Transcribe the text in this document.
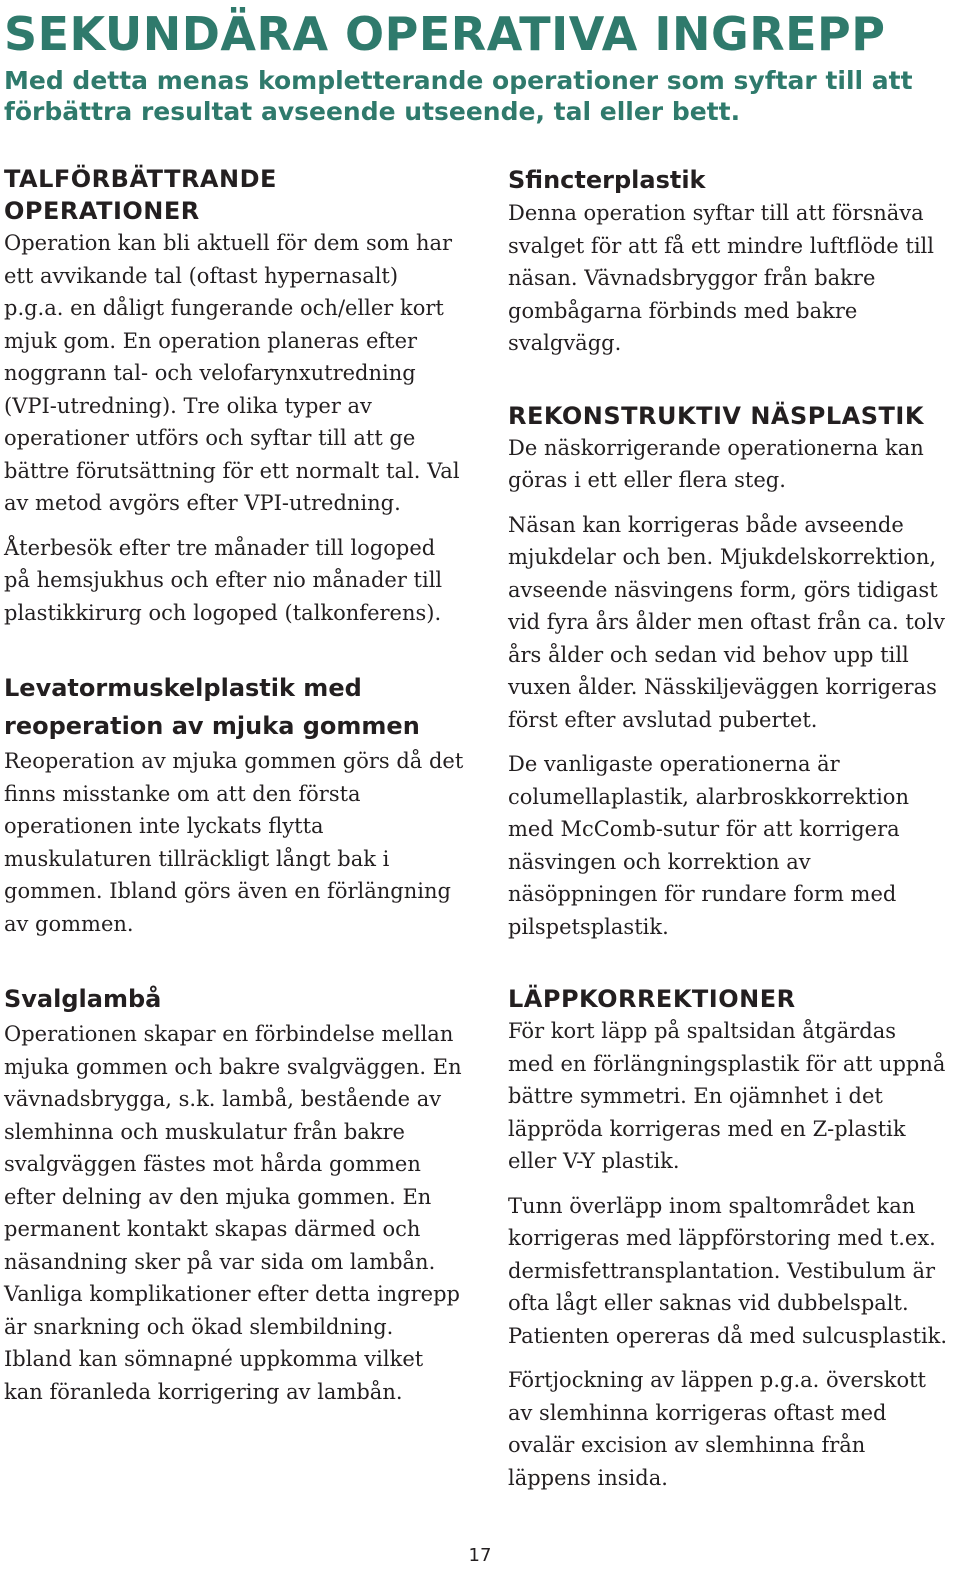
SEKUNDÄRA OPERATIVA INGREPP

Med detta menas kompletterande operationer som syftar till att förbättra resultat avseende utseende, tal eller bett.

TALFÖRBÄTTRANDE OPERATIONER

Operation kan bli aktuell för dem som har ett avvikande tal (oftast hypernasalt) p.g.a. en dåligt fungerande och/eller kort mjuk gom. En operation planeras efter noggrann tal- och velofarynxutredning (VPI-utredning). Tre olika typer av operationer utförs och syftar till att ge bättre förutsättning för ett normalt tal. Val av metod avgörs efter VPI-utredning.

Återbesök efter tre månader till logoped på hemsjukhus och efter nio månader till plastikkirurg och logoped (talkonferens).

Levatormuskelplastik med reoperation av mjuka gommen

Reoperation av mjuka gommen görs då det finns misstanke om att den första operationen inte lyckats flytta muskulaturen tillräckligt långt bak i gommen. Ibland görs även en förlängning av gommen.

Svalglambå

Operationen skapar en förbindelse mellan mjuka gommen och bakre svalgväggen. En vävnadsbrygga, s.k. lambå, bestående av slemhinna och muskulatur från bakre svalgväggen fästes mot hårda gommen efter delning av den mjuka gommen. En permanent kontakt skapas därmed och näsandning sker på var sida om lambån. Vanliga komplikationer efter detta ingrepp är snarkning och ökad slembildning. Ibland kan sömnapné uppkomma vilket kan föranleda korrigering av lambån.

Sfincterplastik

Denna operation syftar till att försnäva svalget för att få ett mindre luftflöde till näsan. Vävnadsbryggor från bakre gombågarna förbinds med bakre svalgvägg.

REKONSTRUKTIV NÄSPLASTIK

De näskorrigerande operationerna kan göras i ett eller flera steg.

Näsan kan korrigeras både avseende mjukdelar och ben. Mjukdelskorrektion, avseende näsvingens form, görs tidigast vid fyra års ålder men oftast från ca. tolv års ålder och sedan vid behov upp till vuxen ålder. Nässkiljeväggen korrigeras först efter avslutad pubertet.

De vanligaste operationerna är columellaplastik, alarbroskkorrektion med McComb-sutur för att korrigera näsvingen och korrektion av näsöppningen för rundare form med pilspetsplastik.

LÄPPKORREKTIONER

För kort läpp på spaltsidan åtgärdas med en förlängningsplastik för att uppnå bättre symmetri. En ojämnhet i det läppröda korrigeras med en Z-plastik eller V-Y plastik.

Tunn överläpp inom spaltområdet kan korrigeras med läppförstoring med t.ex. dermisfettransplantation. Vestibulum är ofta lågt eller saknas vid dubbelspalt. Patienten opereras då med sulcusplastik.

Förtjockning av läppen p.g.a. överskott av slemhinna korrigeras oftast med ovalär excision av slemhinna från läppens insida.

17
